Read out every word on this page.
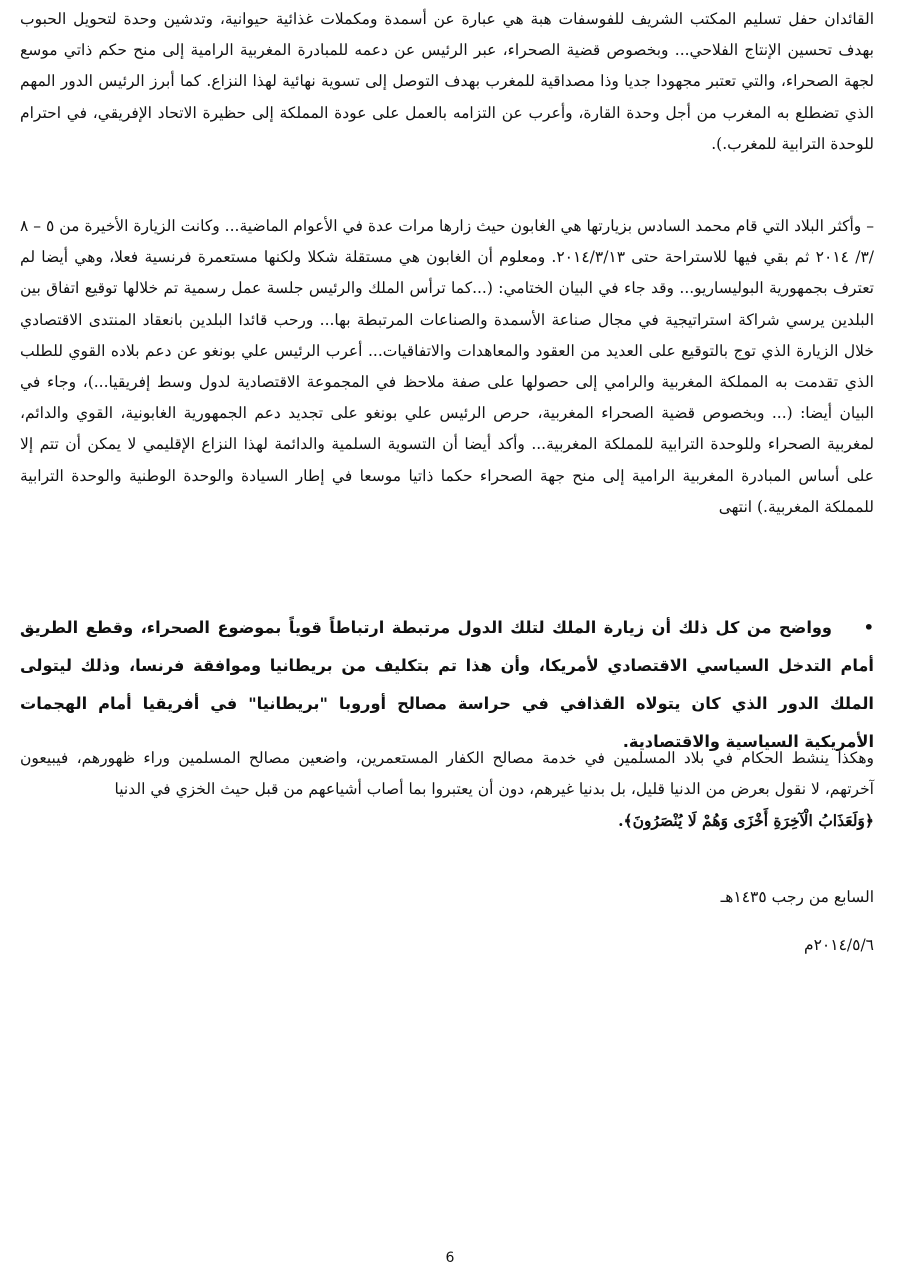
القائدان حفل تسليم المكتب الشريف للفوسفات هبة هي عبارة عن أسمدة ومكملات غذائية حيوانية، وتدشين وحدة لتحويل الحبوب بهدف تحسين الإنتاج الفلاحي... وبخصوص قضية الصحراء، عبر الرئيس عن دعمه للمبادرة المغربية الرامية إلى منح حكم ذاتي موسع لجهة الصحراء، والتي تعتبر مجهودا جديا وذا مصداقية للمغرب بهدف التوصل إلى تسوية نهائية لهذا النزاع. كما أبرز الرئيس الدور المهم الذي تضطلع به المغرب من أجل وحدة القارة، وأعرب عن التزامه بالعمل على عودة المملكة إلى حظيرة الاتحاد الإفريقي، في احترام للوحدة الترابية للمغرب.).
– وأكثر البلاد التي قام محمد السادس بزيارتها هي الغابون حيث زارها مرات عدة في الأعوام الماضية... وكانت الزيارة الأخيرة من ٥ – ٨ /٣/ ٢٠١٤ ثم بقي فيها للاستراحة حتى ٢٠١٤/٣/١٣. ومعلوم أن الغابون هي مستقلة شكلا ولكنها مستعمرة فرنسية فعلا، وهي أيضا لم تعترف بجمهورية البوليساريو... وقد جاء في البيان الختامي: (...كما ترأس الملك والرئيس جلسة عمل رسمية تم خلالها توقيع اتفاق بين البلدين يرسي شراكة استراتيجية في مجال صناعة الأسمدة والصناعات المرتبطة بها... ورحب قائدا البلدين بانعقاد المنتدى الاقتصادي خلال الزيارة الذي توج بالتوقيع على العديد من العقود والمعاهدات والاتفاقيات... أعرب الرئيس علي بونغو عن دعم بلاده القوي للطلب الذي تقدمت به المملكة المغربية والرامي إلى حصولها على صفة ملاحظ في المجموعة الاقتصادية لدول وسط إفريقيا...)، وجاء في البيان أيضا: (... وبخصوص قضية الصحراء المغربية، حرص الرئيس علي بونغو على تجديد دعم الجمهورية الغابونية، القوي والدائم، لمغربية الصحراء وللوحدة الترابية للمملكة المغربية... وأكد أيضا أن التسوية السلمية والدائمة لهذا النزاع الإقليمي لا يمكن أن تتم إلا على أساس المبادرة المغربية الرامية إلى منح جهة الصحراء حكما ذاتيا موسعا في إطار السيادة والوحدة الوطنية والوحدة الترابية للمملكة المغربية.) انتهى
•وواضح من كل ذلك أن زيارة الملك لتلك الدول مرتبطة ارتباطاً قوياً بموضوع الصحراء، وقطع الطريق أمام التدخل السياسي الاقتصادي لأمريكا، وأن هذا تم بتكليف من بريطانيا وموافقة فرنسا، وذلك ليتولى الملك الدور الذي كان يتولاه القذافي في حراسة مصالح أوروبا "بريطانيا" في أفريقيا أمام الهجمات الأمريكية السياسية والاقتصادية.
وهكذا ينشط الحكام في بلاد المسلمين في خدمة مصالح الكفار المستعمرين، واضعين مصالح المسلمين وراء ظهورهم، فيبيعون آخرتهم، لا نقول بعرض من الدنيا قليل، بل بدنيا غيرهم، دون أن يعتبروا بما أصاب أشياعهم من قبل حيث الخزي في الدنيا
﴿وَلَعَذَابُ الْآخِرَةِ أَخْزَى وَهُمْ لَا يُنْصَرُونَ﴾.
السابع من رجب ١٤٣٥هـ
٢٠١٤/٥/٦م
6
